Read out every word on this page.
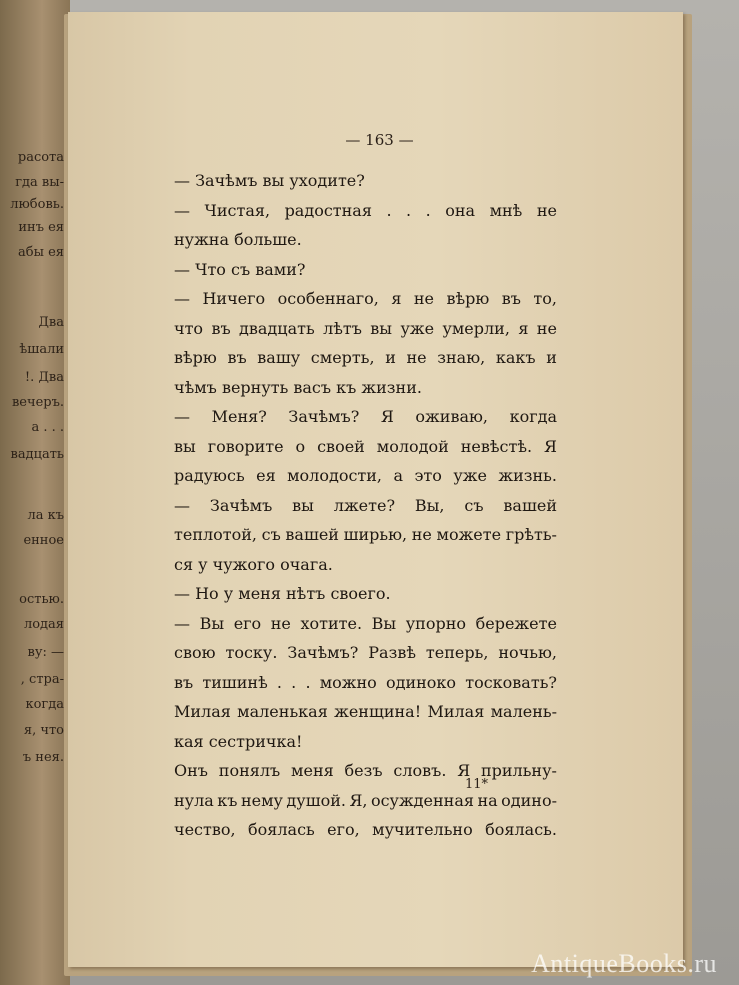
расота
гда вы-
любовь.
инъ ея
абы ея
Два
ѣшали
!. Два
вечеръ.
а . . .
вадцать
ла къ
енное
остью.
лодая
ву: —
, стра-
когда
я, что
ъ нея.
— 163 —
— Зачѣмъ вы уходите?
— Чистая, радостная . . . она мнѣ не
нужна больше.
— Что съ вами?
— Ничего особеннаго, я не вѣрю въ то,
что въ двадцать лѣтъ вы уже умерли, я не
вѣрю въ вашу смерть, и не знаю, какъ и
чѣмъ вернуть васъ къ жизни.
— Меня? Зачѣмъ? Я оживаю, когда
вы говорите о своей молодой невѣстѣ. Я
радуюсь ея молодости, а это уже жизнь.
— Зачѣмъ вы лжете? Вы, съ вашей
теплотой, съ вашей ширью, не можете грѣть-
ся у чужого очага.
— Но у меня нѣтъ своего.
— Вы его не хотите. Вы упорно бережете
свою тоску. Зачѣмъ? Развѣ теперь, ночью,
въ тишинѣ . . . можно одиноко тосковать?
Милая маленькая женщина! Милая малень-
кая сестричка!
Онъ понялъ меня безъ словъ. Я прильну-
нула къ нему душой. Я, осужденная на одино-
чество, боялась его, мучительно боялась.
11*
AntiqueBooks.ru
